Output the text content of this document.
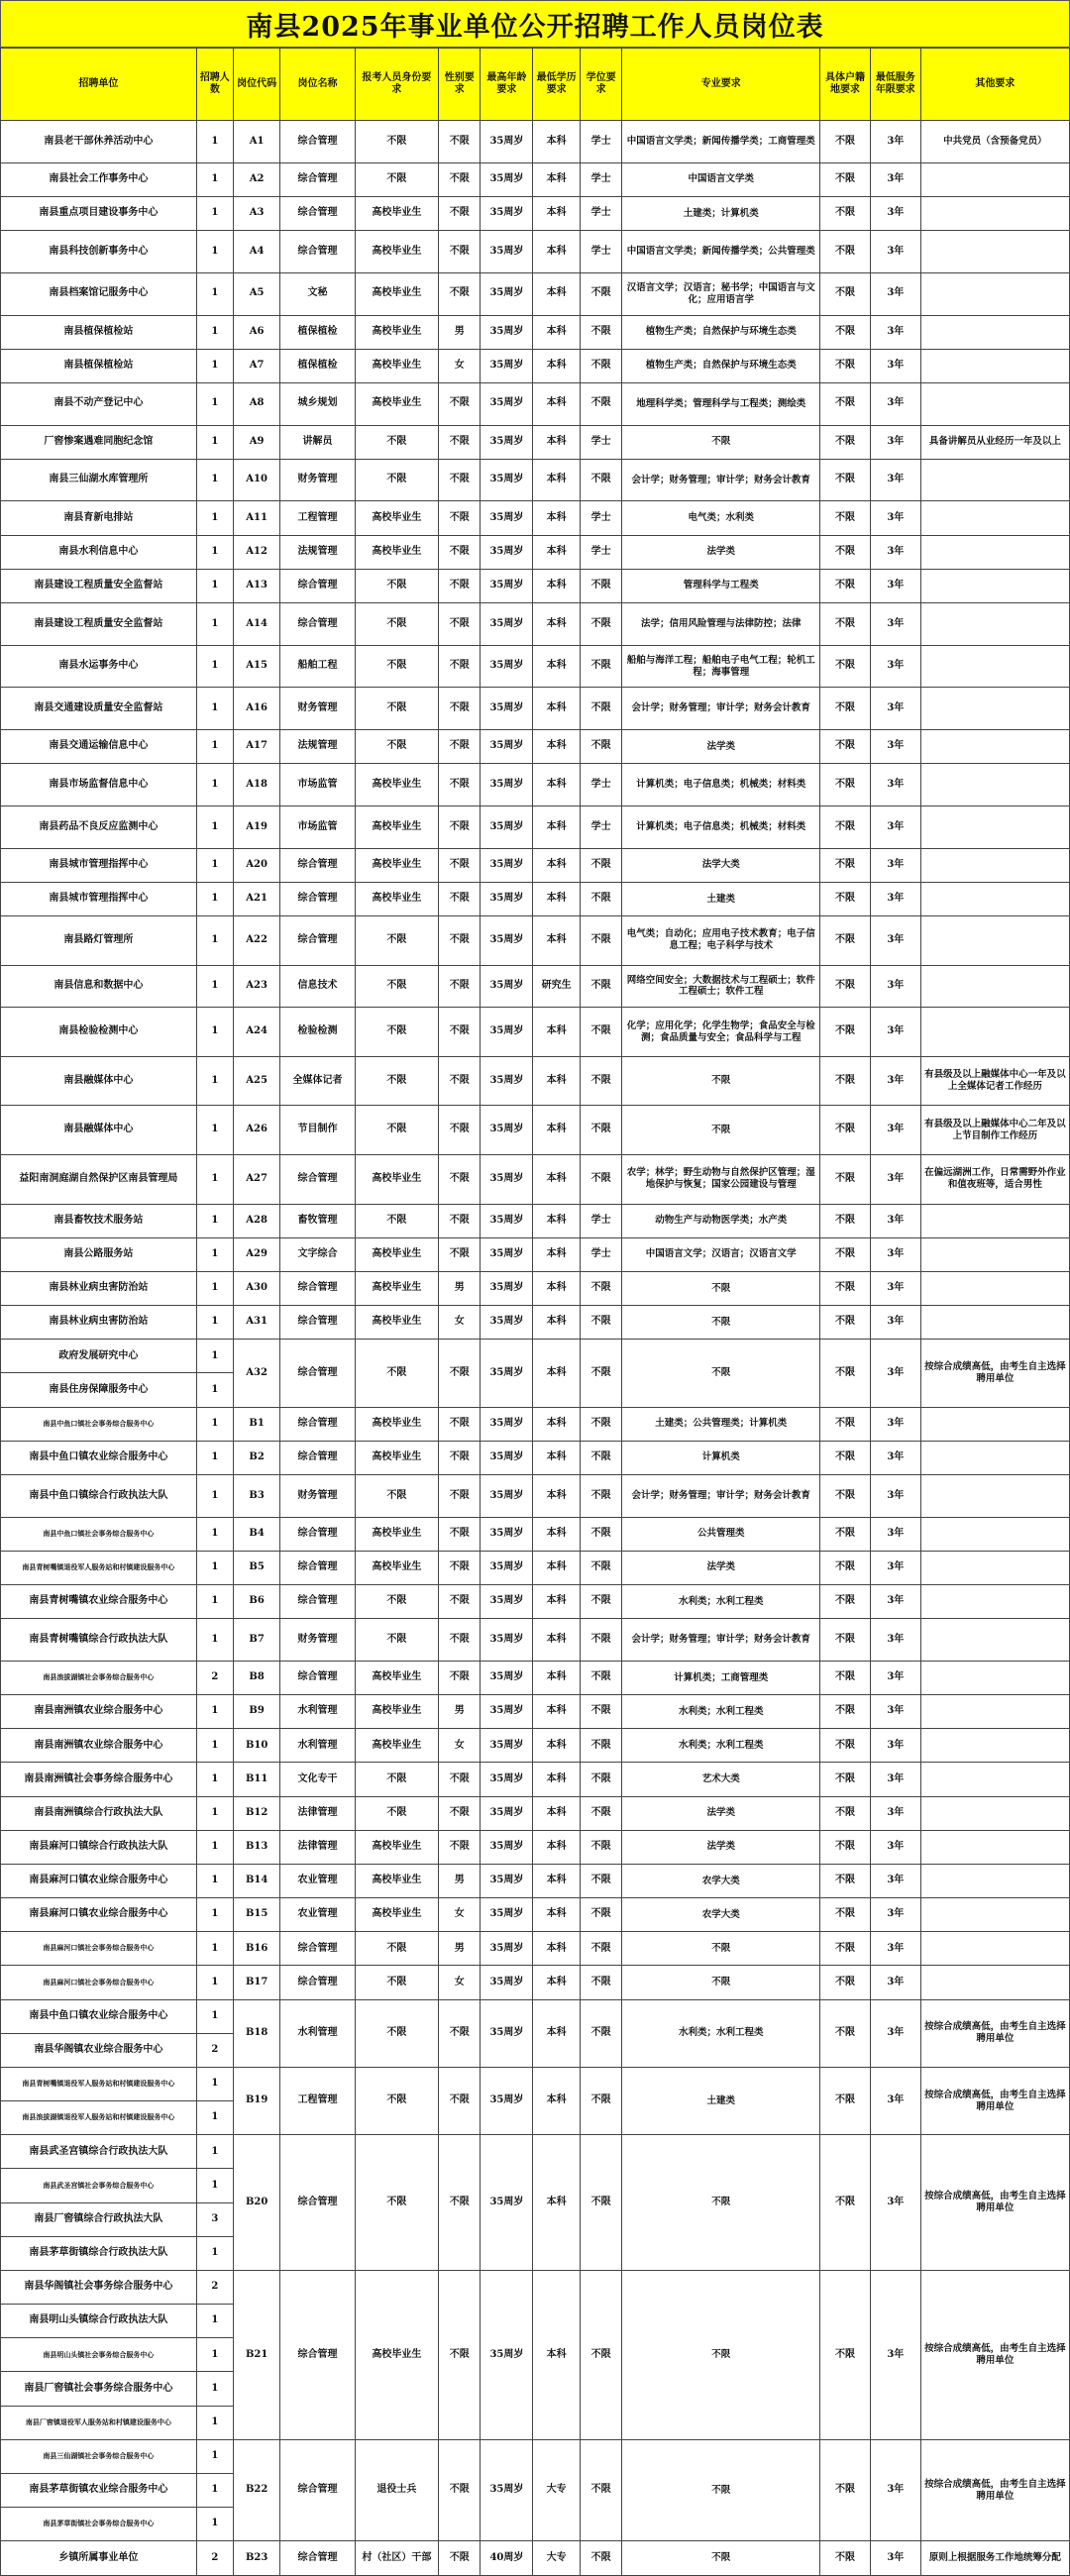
南县2025年事业单位公开招聘工作人员岗位表
招聘单位	招聘人数	岗位代码	岗位名称	报考人员身份要求	性别要求	最高年龄要求	最低学历要求	学位要求	专业要求	具体户籍地要求	最低服务年限要求	其他要求
南县老干部休养活动中心	1	A1	综合管理	不限	不限	35周岁	本科	学士	中国语言文学类；新闻传播学类；工商管理类	不限	3年	中共党员（含预备党员）
南县社会工作事务中心	1	A2	综合管理	不限	不限	35周岁	本科	学士	中国语言文学类	不限	3年	
南县重点项目建设事务中心	1	A3	综合管理	高校毕业生	不限	35周岁	本科	学士	土建类；计算机类	不限	3年	
南县科技创新事务中心	1	A4	综合管理	高校毕业生	不限	35周岁	本科	学士	中国语言文学类；新闻传播学类；公共管理类	不限	3年	
南县档案馆记服务中心	1	A5	文秘	高校毕业生	不限	35周岁	本科	不限	汉语言文学；汉语言；秘书学；中国语言与文化；应用语言学	不限	3年	
南县植保植检站	1	A6	植保植检	高校毕业生	男	35周岁	本科	不限	植物生产类；自然保护与环境生态类	不限	3年	
南县植保植检站	1	A7	植保植检	高校毕业生	女	35周岁	本科	不限	植物生产类；自然保护与环境生态类	不限	3年	
南县不动产登记中心	1	A8	城乡规划	高校毕业生	不限	35周岁	本科	不限	地理科学类；管理科学与工程类；测绘类	不限	3年	
厂窖惨案遇难同胞纪念馆	1	A9	讲解员	不限	不限	35周岁	本科	学士	不限	不限	3年	具备讲解员从业经历一年及以上
南县三仙湖水库管理所	1	A10	财务管理	不限	不限	35周岁	本科	不限	会计学；财务管理；审计学；财务会计教育	不限	3年	
南县育新电排站	1	A11	工程管理	高校毕业生	不限	35周岁	本科	学士	电气类；水利类	不限	3年	
南县水利信息中心	1	A12	法规管理	高校毕业生	不限	35周岁	本科	学士	法学类	不限	3年	
南县建设工程质量安全监督站	1	A13	综合管理	不限	不限	35周岁	本科	不限	管理科学与工程类	不限	3年	
南县建设工程质量安全监督站	1	A14	综合管理	不限	不限	35周岁	本科	不限	法学；信用风险管理与法律防控；法律	不限	3年	
南县水运事务中心	1	A15	船舶工程	不限	不限	35周岁	本科	不限	船舶与海洋工程；船舶电子电气工程；轮机工程；海事管理	不限	3年	
南县交通建设质量安全监督站	1	A16	财务管理	不限	不限	35周岁	本科	不限	会计学；财务管理；审计学；财务会计教育	不限	3年	
南县交通运输信息中心	1	A17	法规管理	不限	不限	35周岁	本科	不限	法学类	不限	3年	
南县市场监督信息中心	1	A18	市场监管	高校毕业生	不限	35周岁	本科	学士	计算机类；电子信息类；机械类；材料类	不限	3年	
南县药品不良反应监测中心	1	A19	市场监管	高校毕业生	不限	35周岁	本科	学士	计算机类；电子信息类；机械类；材料类	不限	3年	
南县城市管理指挥中心	1	A20	综合管理	高校毕业生	不限	35周岁	本科	不限	法学大类	不限	3年	
南县城市管理指挥中心	1	A21	综合管理	高校毕业生	不限	35周岁	本科	不限	土建类	不限	3年	
南县路灯管理所	1	A22	综合管理	不限	不限	35周岁	本科	不限	电气类；自动化；应用电子技术教育；电子信息工程；电子科学与技术	不限	3年	
南县信息和数据中心	1	A23	信息技术	不限	不限	35周岁	研究生	不限	网络空间安全；大数据技术与工程硕士；软件工程硕士；软件工程	不限	3年	
南县检验检测中心	1	A24	检验检测	不限	不限	35周岁	本科	不限	化学；应用化学；化学生物学；食品安全与检测；食品质量与安全；食品科学与工程	不限	3年	
南县融媒体中心	1	A25	全媒体记者	不限	不限	35周岁	本科	不限	不限	不限	3年	有县级及以上融媒体中心一年及以上全媒体记者工作经历
南县融媒体中心	1	A26	节目制作	不限	不限	35周岁	本科	不限	不限	不限	3年	有县级及以上融媒体中心二年及以上节目制作工作经历
益阳南洞庭湖自然保护区南县管理局	1	A27	综合管理	高校毕业生	不限	35周岁	本科	不限	农学；林学；野生动物与自然保护区管理；湿地保护与恢复；国家公园建设与管理	不限	3年	在偏远湖洲工作，日常需野外作业和值夜班等，适合男性
南县畜牧技术服务站	1	A28	畜牧管理	不限	不限	35周岁	本科	学士	动物生产与动物医学类；水产类	不限	3年	
南县公路服务站	1	A29	文字综合	高校毕业生	不限	35周岁	本科	学士	中国语言文学；汉语言；汉语言文学	不限	3年	
南县林业病虫害防治站	1	A30	综合管理	高校毕业生	男	35周岁	本科	不限	不限	不限	3年	
南县林业病虫害防治站	1	A31	综合管理	高校毕业生	女	35周岁	本科	不限	不限	不限	3年	
政府发展研究中心	1	A32	综合管理	不限	不限	35周岁	本科	不限	不限	不限	3年	按综合成绩高低，由考生自主选择聘用单位
南县住房保障服务中心	1											
南县中鱼口镇社会事务综合服务中心	1	B1	综合管理	高校毕业生	不限	35周岁	本科	不限	土建类；公共管理类；计算机类	不限	3年	
南县中鱼口镇农业综合服务中心	1	B2	综合管理	高校毕业生	不限	35周岁	本科	不限	计算机类	不限	3年	
南县中鱼口镇综合行政执法大队	1	B3	财务管理	不限	不限	35周岁	本科	不限	会计学；财务管理；审计学；财务会计教育	不限	3年	
南县中鱼口镇社会事务综合服务中心	1	B4	综合管理	高校毕业生	不限	35周岁	本科	不限	公共管理类	不限	3年	
南县青树嘴镇退役军人服务站和村镇建设服务中心	1	B5	综合管理	高校毕业生	不限	35周岁	本科	不限	法学类	不限	3年	
南县青树嘴镇农业综合服务中心	1	B6	综合管理	不限	不限	35周岁	本科	不限	水利类；水利工程类	不限	3年	
南县青树嘴镇综合行政执法大队	1	B7	财务管理	不限	不限	35周岁	本科	不限	会计学；财务管理；审计学；财务会计教育	不限	3年	
南县浪拔湖镇社会事务综合服务中心	2	B8	综合管理	高校毕业生	不限	35周岁	本科	不限	计算机类；工商管理类	不限	3年	
南县南洲镇农业综合服务中心	1	B9	水利管理	高校毕业生	男	35周岁	本科	不限	水利类；水利工程类	不限	3年	
南县南洲镇农业综合服务中心	1	B10	水利管理	高校毕业生	女	35周岁	本科	不限	水利类；水利工程类	不限	3年	
南县南洲镇社会事务综合服务中心	1	B11	文化专干	不限	不限	35周岁	本科	不限	艺术大类	不限	3年	
南县南洲镇综合行政执法大队	1	B12	法律管理	不限	不限	35周岁	本科	不限	法学类	不限	3年	
南县麻河口镇综合行政执法大队	1	B13	法律管理	高校毕业生	不限	35周岁	本科	不限	法学类	不限	3年	
南县麻河口镇农业综合服务中心	1	B14	农业管理	高校毕业生	男	35周岁	本科	不限	农学大类	不限	3年	
南县麻河口镇农业综合服务中心	1	B15	农业管理	高校毕业生	女	35周岁	本科	不限	农学大类	不限	3年	
南县麻河口镇社会事务综合服务中心	1	B16	综合管理	不限	男	35周岁	本科	不限	不限	不限	3年	
南县麻河口镇社会事务综合服务中心	1	B17	综合管理	不限	女	35周岁	本科	不限	不限	不限	3年	
南县中鱼口镇农业综合服务中心	1	B18	水利管理	不限	不限	35周岁	本科	不限	水利类；水利工程类	不限	3年	按综合成绩高低，由考生自主选择聘用单位
南县华阁镇农业综合服务中心	2											
南县青树嘴镇退役军人服务站和村镇建设服务中心	1	B19	工程管理	不限	不限	35周岁	本科	不限	土建类	不限	3年	按综合成绩高低，由考生自主选择聘用单位
南县浪拔湖镇退役军人服务站和村镇建设服务中心	1											
南县武圣宫镇综合行政执法大队	1	B20	综合管理	不限	不限	35周岁	本科	不限	不限	不限	3年	按综合成绩高低，由考生自主选择聘用单位
南县武圣宫镇社会事务综合服务中心	1											
南县厂窖镇综合行政执法大队	3											
南县茅草街镇综合行政执法大队	1											
南县华阁镇社会事务综合服务中心	2	B21	综合管理	高校毕业生	不限	35周岁	本科	不限	不限	不限	3年	按综合成绩高低，由考生自主选择聘用单位
南县明山头镇综合行政执法大队	1											
南县明山头镇社会事务综合服务中心	1											
南县厂窖镇社会事务综合服务中心	1											
南县厂窖镇退役军人服务站和村镇建设服务中心	1											
南县三仙湖镇社会事务综合服务中心	1	B22	综合管理	退役士兵	不限	35周岁	大专	不限	不限	不限	3年	按综合成绩高低，由考生自主选择聘用单位
南县茅草街镇农业综合服务中心	1											
南县茅草街镇社会事务综合服务中心	1											
乡镇所属事业单位	2	B23	综合管理	村（社区）干部	不限	40周岁	大专	不限	不限	不限	3年	原则上根据服务工作地统筹分配
